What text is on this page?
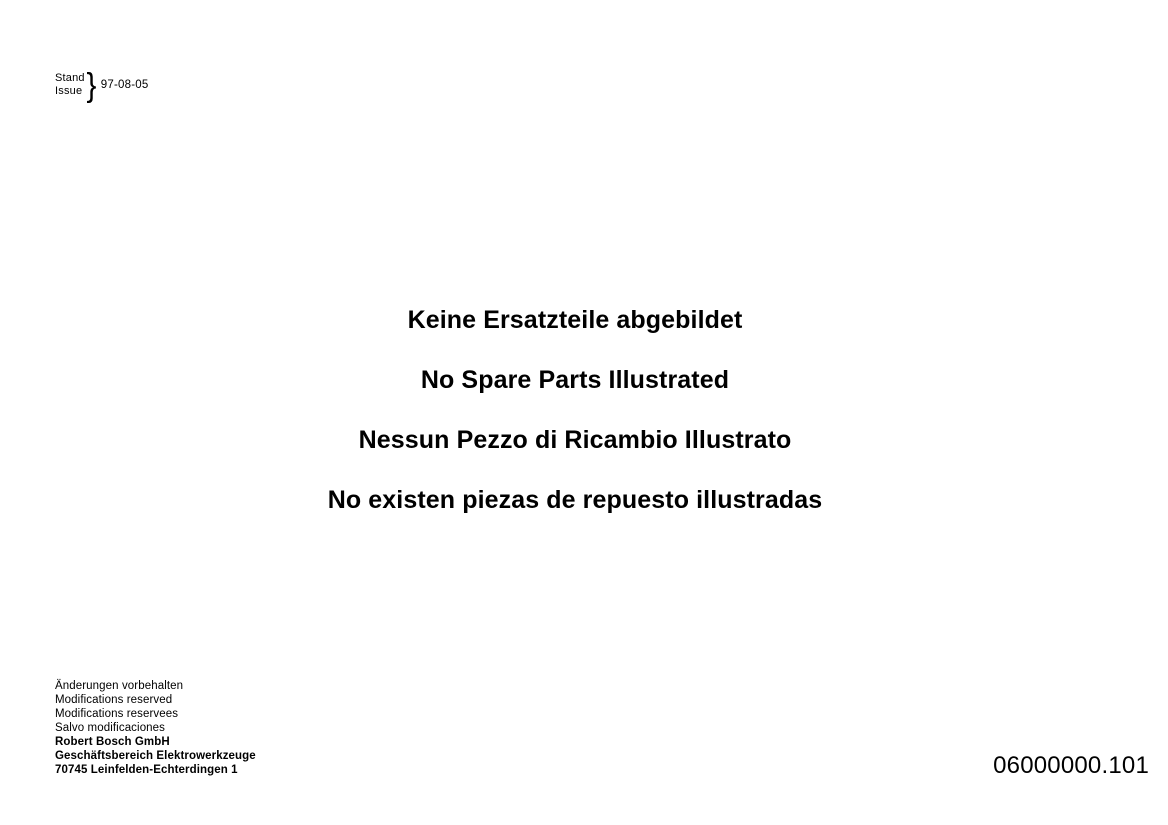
Stand
Issue } 97-08-05
Keine Ersatzteile abgebildet
No Spare Parts Illustrated
Nessun Pezzo di Ricambio Illustrato
No existen piezas de repuesto illustradas
Änderungen vorbehalten
Modifications reserved
Modifications reservees
Salvo modificaciones
Robert Bosch GmbH
Geschäftsbereich Elektrowerkzeuge
70745 Leinfelden-Echterdingen 1	06000000.101
